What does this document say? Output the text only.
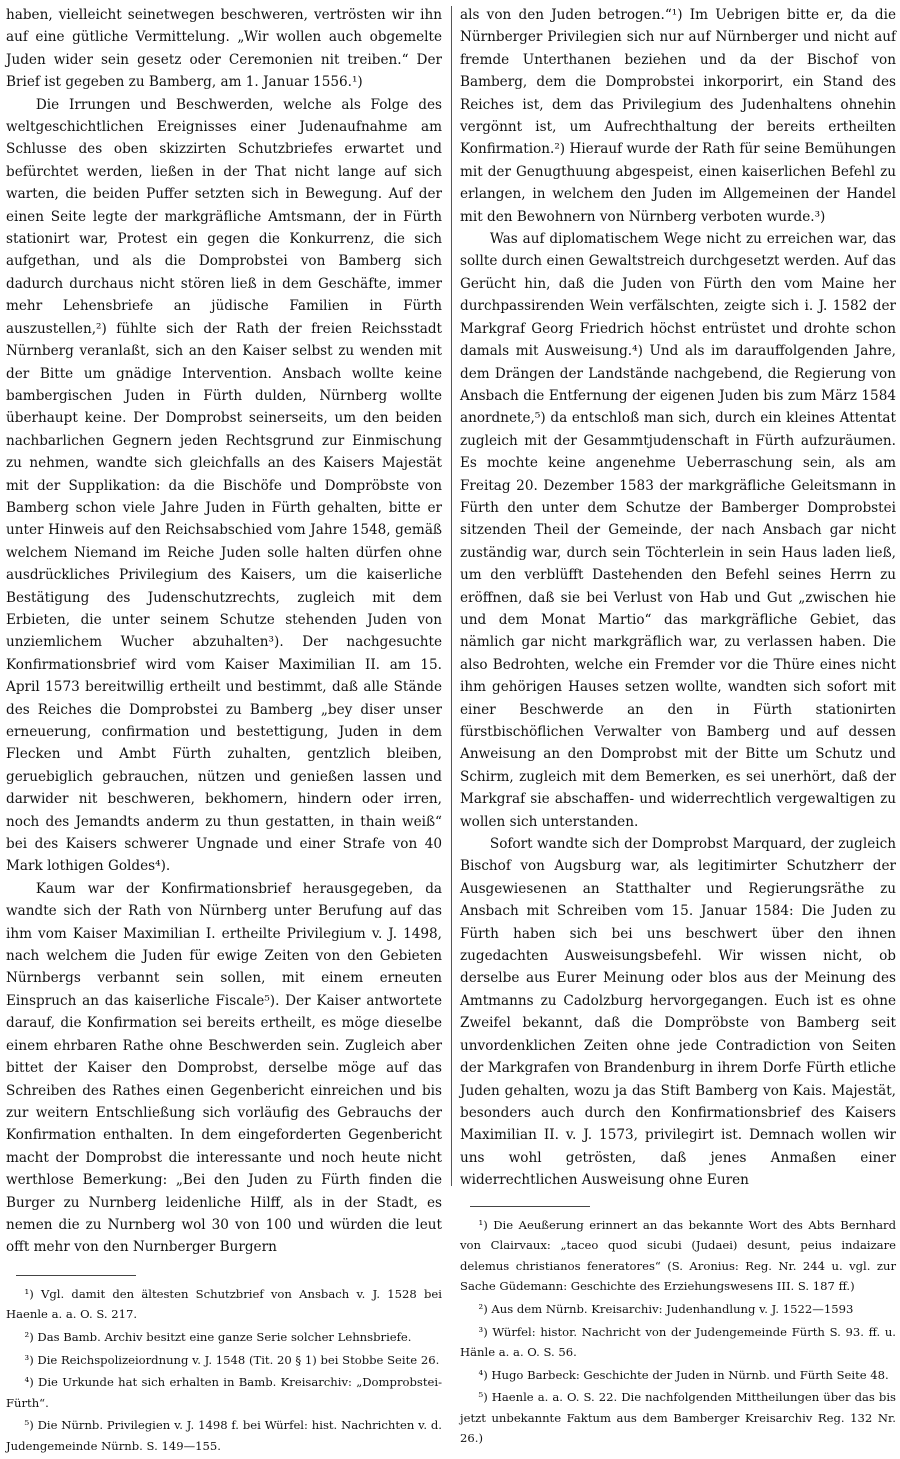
haben, vielleicht seinetwegen beschweren, vertrösten wir ihn auf eine gütliche Vermittelung. „Wir wollen auch obgemelte Juden wider sein gesetz oder Ceremonien nit treiben.“ Der Brief ist gegeben zu Bamberg, am 1. Januar 1556.¹)

Die Irrungen und Beschwerden, welche als Folge des weltgeschichtlichen Ereignisses einer Judenaufnahme am Schlusse des oben skizzirten Schutzbriefes erwartet und befürchtet werden, ließen in der That nicht lange auf sich warten, die beiden Puffer setzten sich in Bewegung. Auf der einen Seite legte der markgräfliche Amtsmann, der in Fürth stationirt war, Protest ein gegen die Konkurrenz, die sich aufgethan, und als die Domprobstei von Bamberg sich dadurch durchaus nicht stören ließ in dem Geschäfte, immer mehr Lehensbriefe an jüdische Familien in Fürth auszustellen,²) fühlte sich der Rath der freien Reichsstadt Nürnberg veranlaßt, sich an den Kaiser selbst zu wenden mit der Bitte um gnädige Intervention. Ansbach wollte keine bambergischen Juden in Fürth dulden, Nürnberg wollte überhaupt keine. Der Domprobst seinerseits, um den beiden nachbarlichen Gegnern jeden Rechtsgrund zur Einmischung zu nehmen, wandte sich gleichfalls an des Kaisers Majestät mit der Supplikation: da die Bischöfe und Dompröbste von Bamberg schon viele Jahre Juden in Fürth gehalten, bitte er unter Hinweis auf den Reichsabschied vom Jahre 1548, gemäß welchem Niemand im Reiche Juden solle halten dürfen ohne ausdrückliches Privilegium des Kaisers, um die kaiserliche Bestätigung des Judenschutzrechts, zugleich mit dem Erbieten, die unter seinem Schutze stehenden Juden von unziemlichem Wucher abzuhalten³). Der nachgesuchte Konfirmationsbrief wird vom Kaiser Maximilian II. am 15. April 1573 bereitwillig ertheilt und bestimmt, daß alle Stände des Reiches die Domprobstei zu Bamberg „bey diser unser erneuerung, confirmation und bestettigung, Juden in dem Flecken und Ambt Fürth zuhalten, gentzlich bleiben, geruebiglich gebrauchen, nützen und genießen lassen und darwider nit beschweren, bekhomern, hindern oder irren, noch des Jemandts anderm zu thun gestatten, in thain weiß“ bei des Kaisers schwerer Ungnade und einer Strafe von 40 Mark lothigen Goldes⁴).

Kaum war der Konfirmationsbrief herausgegeben, da wandte sich der Rath von Nürnberg unter Berufung auf das ihm vom Kaiser Maximilian I. ertheilte Privilegium v. J. 1498, nach welchem die Juden für ewige Zeiten von den Gebieten Nürnbergs verbannt sein sollen, mit einem erneuten Einspruch an das kaiserliche Fiscale⁵). Der Kaiser antwortete darauf, die Konfirmation sei bereits ertheilt, es möge dieselbe einem ehrbaren Rathe ohne Beschwerden sein. Zugleich aber bittet der Kaiser den Domprobst, derselbe möge auf das Schreiben des Rathes einen Gegenbericht einreichen und bis zur weitern Entschließung sich vorläufig des Gebrauchs der Konfirmation enthalten. In dem eingeforderten Gegenbericht macht der Domprobst die interessante und noch heute nicht werthlose Bemerkung: „Bei den Juden zu Fürth finden die Burger zu Nurnberg leidenliche Hilff, als in der Stadt, es nemen die zu Nurnberg wol 30 von 100 und würden die leut offt mehr von den Nurnberger Burgern

¹) Vgl. damit den ältesten Schutzbrief von Ansbach v. J. 1528 bei Haenle a. a. O. S. 217.

²) Das Bamb. Archiv besitzt eine ganze Serie solcher Lehnsbriefe.

³) Die Reichspolizeiordnung v. J. 1548 (Tit. 20 § 1) bei Stobbe Seite 26.

⁴) Die Urkunde hat sich erhalten in Bamb. Kreisarchiv: „Domprobstei-Fürth“.

⁵) Die Nürnb. Privilegien v. J. 1498 f. bei Würfel: hist. Nachrichten v. d. Judengemeinde Nürnb. S. 149—155.

als von den Juden betrogen.“¹) Im Uebrigen bitte er, da die Nürnberger Privilegien sich nur auf Nürnberger und nicht auf fremde Unterthanen beziehen und da der Bischof von Bamberg, dem die Domprobstei inkorporirt, ein Stand des Reiches ist, dem das Privilegium des Judenhaltens ohnehin vergönnt ist, um Aufrechthaltung der bereits ertheilten Konfirmation.²) Hierauf wurde der Rath für seine Bemühungen mit der Genugthuung abgespeist, einen kaiserlichen Befehl zu erlangen, in welchem den Juden im Allgemeinen der Handel mit den Bewohnern von Nürnberg verboten wurde.³)

Was auf diplomatischem Wege nicht zu erreichen war, das sollte durch einen Gewaltstreich durchgesetzt werden. Auf das Gerücht hin, daß die Juden von Fürth den vom Maine her durchpassirenden Wein verfälschten, zeigte sich i. J. 1582 der Markgraf Georg Friedrich höchst entrüstet und drohte schon damals mit Ausweisung.⁴) Und als im darauffolgenden Jahre, dem Drängen der Landstände nachgebend, die Regierung von Ansbach die Entfernung der eigenen Juden bis zum März 1584 anordnete,⁵) da entschloß man sich, durch ein kleines Attentat zugleich mit der Gesammtjudenschaft in Fürth aufzuräumen. Es mochte keine angenehme Ueberraschung sein, als am Freitag 20. Dezember 1583 der markgräfliche Geleitsmann in Fürth den unter dem Schutze der Bamberger Domprobstei sitzenden Theil der Gemeinde, der nach Ansbach gar nicht zuständig war, durch sein Töchterlein in sein Haus laden ließ, um den verblüfft Dastehenden den Befehl seines Herrn zu eröffnen, daß sie bei Verlust von Hab und Gut „zwischen hie und dem Monat Martio“ das markgräfliche Gebiet, das nämlich gar nicht markgräflich war, zu verlassen haben. Die also Bedrohten, welche ein Fremder vor die Thüre eines nicht ihm gehörigen Hauses setzen wollte, wandten sich sofort mit einer Beschwerde an den in Fürth stationirten fürstbischöflichen Verwalter von Bamberg und auf dessen Anweisung an den Domprobst mit der Bitte um Schutz und Schirm, zugleich mit dem Bemerken, es sei unerhört, daß der Markgraf sie abschaffen- und widerrechtlich vergewaltigen zu wollen sich unterstanden.

Sofort wandte sich der Domprobst Marquard, der zugleich Bischof von Augsburg war, als legitimirter Schutzherr der Ausgewiesenen an Statthalter und Regierungsräthe zu Ansbach mit Schreiben vom 15. Januar 1584: Die Juden zu Fürth haben sich bei uns beschwert über den ihnen zugedachten Ausweisungsbefehl. Wir wissen nicht, ob derselbe aus Eurer Meinung oder blos aus der Meinung des Amtmanns zu Cadolzburg hervorgegangen. Euch ist es ohne Zweifel bekannt, daß die Dompröbste von Bamberg seit unvordenklichen Zeiten ohne jede Contradiction von Seiten der Markgrafen von Brandenburg in ihrem Dorfe Fürth etliche Juden gehalten, wozu ja das Stift Bamberg von Kais. Majestät, besonders auch durch den Konfirmationsbrief des Kaisers Maximilian II. v. J. 1573, privilegirt ist. Demnach wollen wir uns wohl getrösten, daß jenes Anmaßen einer widerrechtlichen Ausweisung ohne Euren

¹) Die Aeußerung erinnert an das bekannte Wort des Abts Bernhard von Clairvaux: „taceo quod sicubi (Judaei) desunt, peius indaizare delemus christianos feneratores“ (S. Aronius: Reg. Nr. 244 u. vgl. zur Sache Güdemann: Geschichte des Erziehungswesens III. S. 187 ff.)

²) Aus dem Nürnb. Kreisarchiv: Judenhandlung v. J. 1522—1593

³) Würfel: histor. Nachricht von der Judengemeinde Fürth S. 93. ff. u. Hänle a. a. O. S. 56.

⁴) Hugo Barbeck: Geschichte der Juden in Nürnb. und Fürth Seite 48.

⁵) Haenle a. a. O. S. 22. Die nachfolgenden Mittheilungen über das bis jetzt unbekannte Faktum aus dem Bamberger Kreisarchiv Reg. 132 Nr. 26.)
